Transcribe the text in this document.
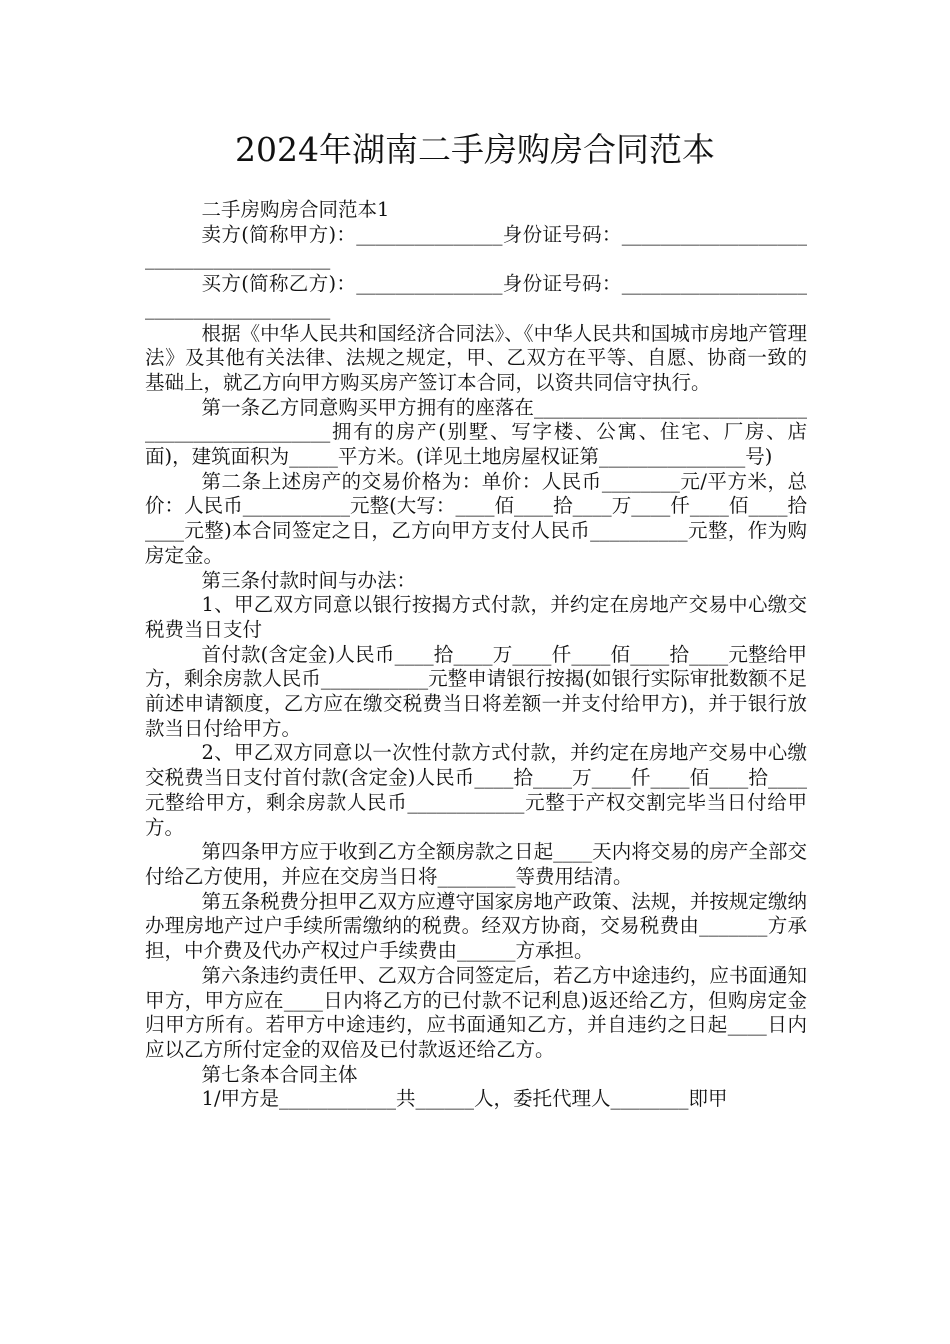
2024年湖南二手房购房合同范本

二手房购房合同范本1

卖方(简称甲方)：_______________身份证号码：______________________________________

买方(简称乙方)：_______________身份证号码：______________________________________

根据《中华人民共和国经济合同法》、《中华人民共和国城市房地产管理法》及其他有关法律、法规之规定，甲、乙双方在平等、自愿、协商一致的基础上，就乙方向甲方购买房产签订本合同，以资共同信守执行。

第一条乙方同意购买甲方拥有的座落在_______________________________________________拥有的房产(别墅、写字楼、公寓、住宅、厂房、店面)，建筑面积为_____平方米。(详见土地房屋权证第_______________号)

第二条上述房产的交易价格为：单价：人民币________元/平方米，总价：人民币___________元整(大写：____佰____拾____万____仟____佰____拾____元整)本合同签定之日，乙方向甲方支付人民币__________元整，作为购房定金。

第三条付款时间与办法：

1、甲乙双方同意以银行按揭方式付款，并约定在房地产交易中心缴交税费当日支付

首付款(含定金)人民币____拾____万____仟____佰____拾____元整给甲方，剩余房款人民币___________元整申请银行按揭(如银行实际审批数额不足前述申请额度，乙方应在缴交税费当日将差额一并支付给甲方)，并于银行放款当日付给甲方。

2、甲乙双方同意以一次性付款方式付款，并约定在房地产交易中心缴交税费当日支付首付款(含定金)人民币____拾____万____仟____佰____拾____元整给甲方，剩余房款人民币____________元整于产权交割完毕当日付给甲方。

第四条甲方应于收到乙方全额房款之日起____天内将交易的房产全部交付给乙方使用，并应在交房当日将________等费用结清。

第五条税费分担甲乙双方应遵守国家房地产政策、法规，并按规定缴纳办理房地产过户手续所需缴纳的税费。经双方协商，交易税费由_______方承担，中介费及代办产权过户手续费由______方承担。

第六条违约责任甲、乙双方合同签定后，若乙方中途违约，应书面通知甲方，甲方应在____日内将乙方的已付款不记利息)返还给乙方，但购房定金归甲方所有。若甲方中途违约，应书面通知乙方，并自违约之日起____日内应以乙方所付定金的双倍及已付款返还给乙方。

第七条本合同主体

1/甲方是____________共______人，委托代理人________即甲
